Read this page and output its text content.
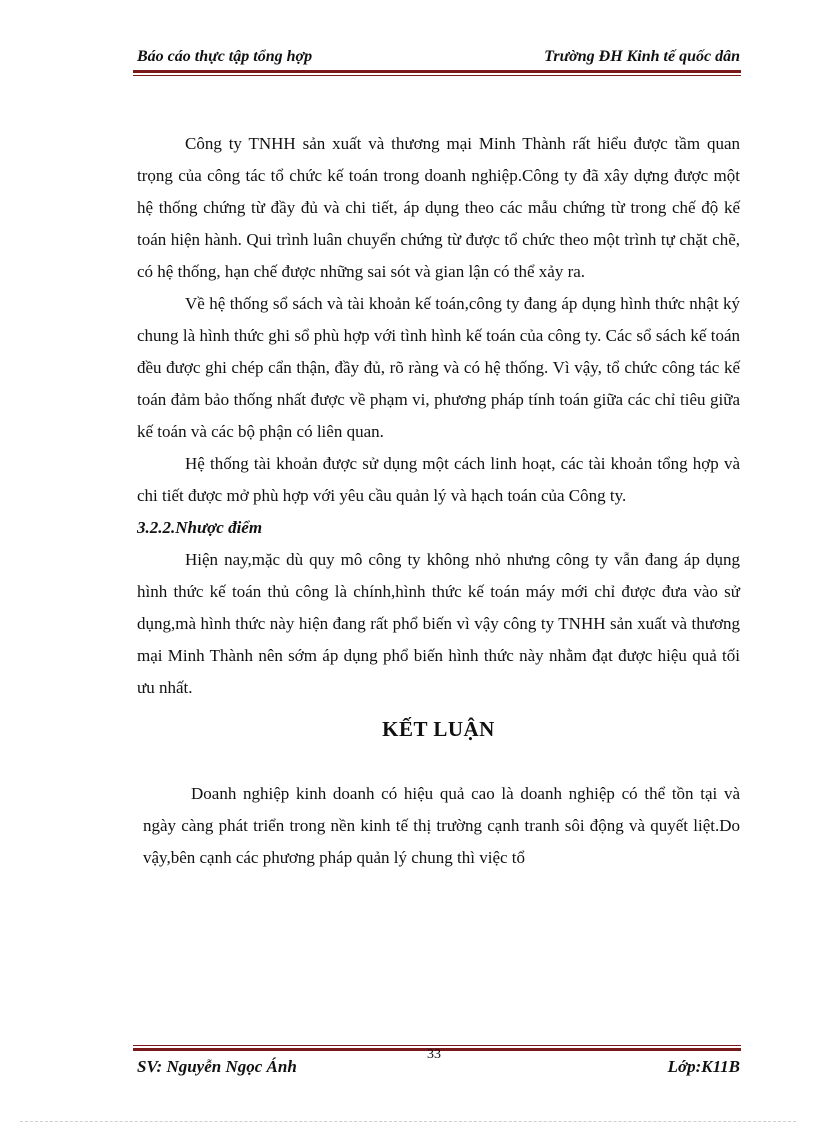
Báo cáo thực tập tổng hợp	Trường ĐH Kinh tế quốc dân

Công ty TNHH sản xuất và thương mại Minh Thành rất hiểu được tầm quan trọng của công tác tổ chức kế toán trong doanh nghiệp.Công ty đã xây dựng được một hệ thống chứng từ đầy đủ và chi tiết, áp dụng theo các mẫu chứng từ trong chế độ kế toán hiện hành. Qui trình luân chuyển chứng từ được tổ chức theo một trình tự chặt chẽ, có hệ thống, hạn chế được những sai sót và gian lận có thể xảy ra.

Về hệ thống sổ sách và tài khoản kế toán,công ty đang áp dụng hình thức nhật ký chung là hình thức ghi sổ phù hợp với tình hình kế toán của công ty. Các sổ sách kế toán đều được ghi chép cẩn thận, đầy đủ, rõ ràng và có hệ thống. Vì vậy, tổ chức công tác kế toán đảm bảo thống nhất được về phạm vi, phương pháp tính toán giữa các chỉ tiêu giữa kế toán và các bộ phận có liên quan.

Hệ thống tài khoản được sử dụng một cách linh hoạt, các tài khoản tổng hợp và chi tiết được mở phù hợp với yêu cầu quản lý và hạch toán của Công ty.

3.2.2.Nhược điểm

Hiện nay,mặc dù quy mô công ty không nhỏ nhưng công ty vẫn đang áp dụng hình thức kế toán thủ công là chính,hình thức kế toán máy mới chỉ được đưa vào sử dụng,mà hình thức này hiện đang rất phổ biến vì vậy công ty TNHH sản xuất và thương mại Minh Thành nên sớm áp dụng phổ biến hình thức này nhằm đạt được hiệu quả tối ưu nhất.

KẾT LUẬN

Doanh nghiệp kinh doanh có hiệu quả cao là doanh nghiệp có thể tồn tại và ngày càng phát triển trong nền kinh tế thị trường cạnh tranh sôi động và quyết liệt.Do vậy,bên cạnh các phương pháp quản lý chung thì việc tổ

SV: Nguyễn Ngọc Ánh
33
Lớp:K11B
